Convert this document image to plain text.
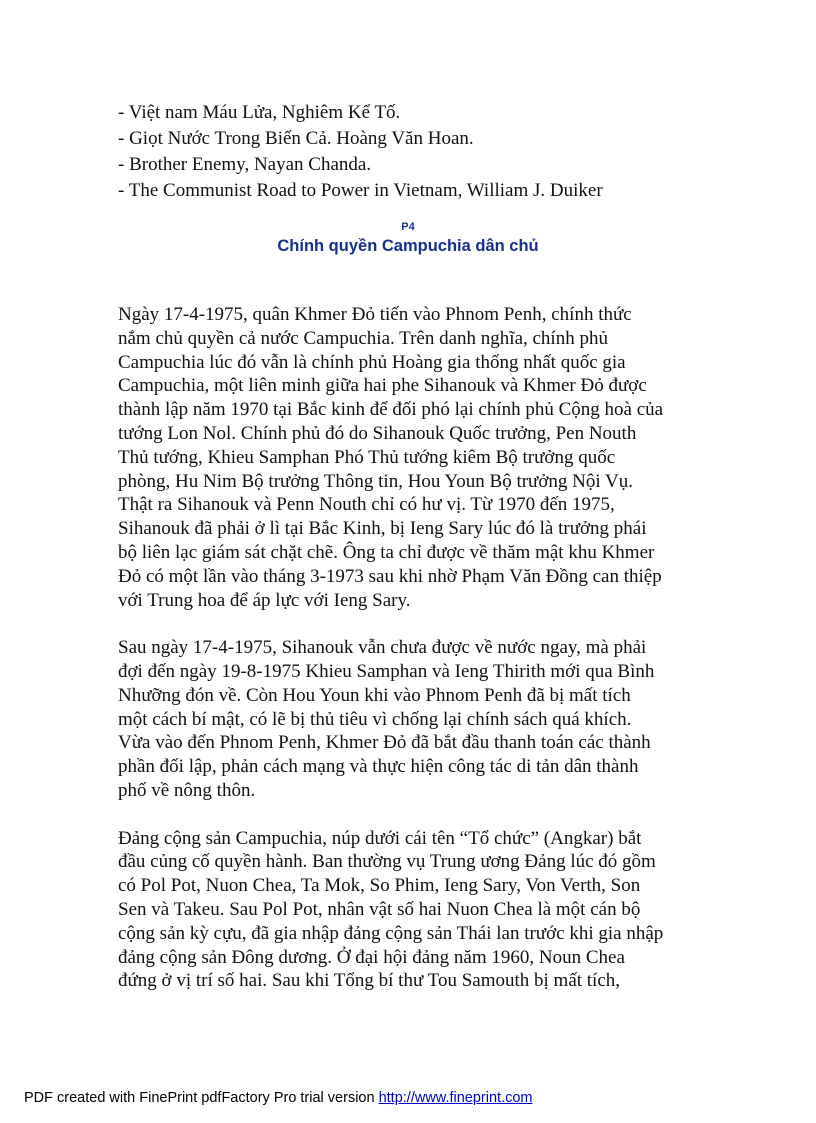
- Việt nam Máu Lửa, Nghiêm Kể Tố.
- Giọt Nước Trong Biển Cả. Hoàng Văn Hoan.
- Brother Enemy, Nayan Chanda.
- The Communist Road to Power in Vietnam, William J. Duiker
P4
Chính quyền Campuchia dân chủ
Ngày 17-4-1975, quân Khmer Đỏ tiến vào Phnom Penh, chính thức
nắm chủ quyền cả nước Campuchia. Trên danh nghĩa, chính phủ
Campuchia lúc đó vẫn là chính phủ Hoàng gia thống nhất quốc gia
Campuchia, một liên minh giữa hai phe Sihanouk và Khmer Đỏ được
thành lập năm 1970 tại Bắc kinh để đối phó lại chính phủ Cộng hoà của
tướng Lon Nol. Chính phủ đó do Sihanouk Quốc trưởng, Pen Nouth
Thủ tướng, Khieu Samphan Phó Thủ tướng kiêm Bộ trưởng quốc
phòng, Hu Nim Bộ trưởng Thông tin, Hou Youn Bộ trưởng Nội Vụ.
Thật ra Sihanouk và Penn Nouth chỉ có hư vị. Từ 1970 đến 1975,
Sihanouk đã phải ở lì tại Bắc Kinh, bị Ieng Sary lúc đó là trưởng phái
bộ liên lạc giám sát chặt chẽ. Ông ta chỉ được về thăm mật khu Khmer
Đỏ có một lần vào tháng 3-1973 sau khi nhờ Phạm Văn Đồng can thiệp
với Trung hoa để áp lực với Ieng Sary.
Sau ngày 17-4-1975, Sihanouk vẫn chưa được về nước ngay, mà phải
đợi đến ngày 19-8-1975 Khieu Samphan và Ieng Thirith mới qua Bình
Nhưỡng đón về. Còn Hou Youn khi vào Phnom Penh đã bị mất tích
một cách bí mật, có lẽ bị thủ tiêu vì chống lại chính sách quá khích.
Vừa vào đến Phnom Penh, Khmer Đỏ đã bắt đầu thanh toán các thành
phần đối lập, phản cách mạng và thực hiện công tác di tản dân thành
phố về nông thôn.
Đảng cộng sản Campuchia, núp dưới cái tên “Tổ chức” (Angkar) bắt
đầu củng cố quyền hành. Ban thường vụ Trung ương Đảng lúc đó gồm
có Pol Pot, Nuon Chea, Ta Mok, So Phim, Ieng Sary, Von Verth, Son
Sen và Takeu. Sau Pol Pot, nhân vật số hai Nuon Chea là một cán bộ
cộng sản kỳ cựu, đã gia nhập đảng cộng sản Thái lan trước khi gia nhập
đảng cộng sản Đông dương. Ở đại hội đảng năm 1960, Noun Chea
đứng ở vị trí số hai. Sau khi Tổng bí thư Tou Samouth bị mất tích,
PDF created with FinePrint pdfFactory Pro trial version http://www.fineprint.com
